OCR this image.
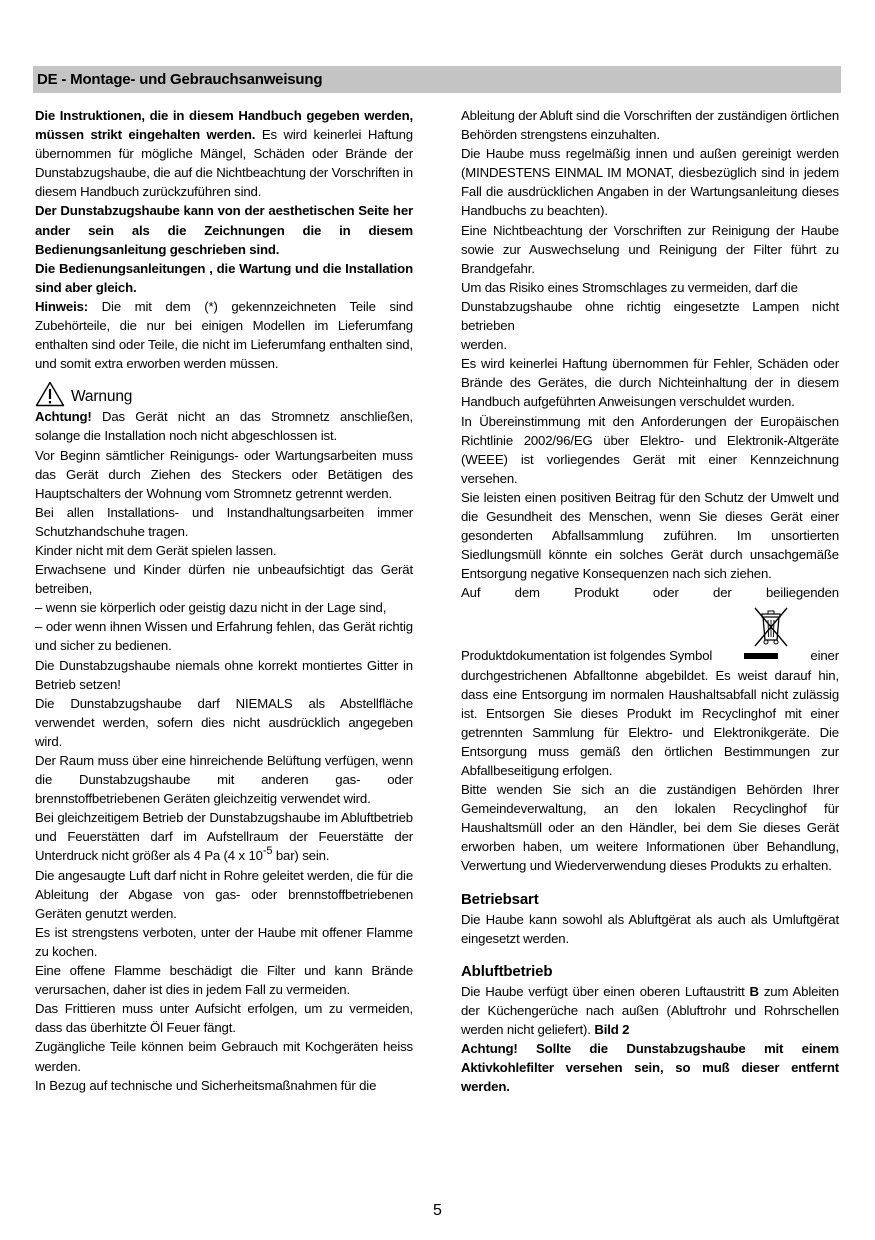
DE - Montage- und Gebrauchsanweisung

Die Instruktionen, die in diesem Handbuch gegeben werden, müssen strikt eingehalten werden. Es wird keinerlei Haftung übernommen für mögliche Mängel, Schäden oder Brände der Dunstabzugshaube, die auf die Nichtbeachtung der Vorschriften in diesem Handbuch zurückzuführen sind.

Der Dunstabzugshaube kann von der aesthetischen Seite her ander sein als die Zeichnungen die in diesem Bedienungsanleitung geschrieben sind.

Die Bedienungsanleitungen , die Wartung und die Installation sind aber gleich.

Hinweis: Die mit dem (*) gekennzeichneten Teile sind Zubehörteile, die nur bei einigen Modellen im Lieferumfang enthalten sind oder Teile, die nicht im Lieferumfang enthalten sind, und somit extra erworben werden müssen.

Warnung

Achtung! Das Gerät nicht an das Stromnetz anschließen, solange die Installation noch nicht abgeschlossen ist.

Vor Beginn sämtlicher Reinigungs- oder Wartungsarbeiten muss das Gerät durch Ziehen des Steckers oder Betätigen des Hauptschalters der Wohnung vom Stromnetz getrennt werden.

Bei allen Installations- und Instandhaltungsarbeiten immer Schutzhandschuhe tragen.

Kinder nicht mit dem Gerät spielen lassen.

Erwachsene und Kinder dürfen nie unbeaufsichtigt das Gerät betreiben,

– wenn sie körperlich oder geistig dazu nicht in der Lage sind,

– oder wenn ihnen Wissen und Erfahrung fehlen, das Gerät richtig und sicher zu bedienen.

Die Dunstabzugshaube niemals ohne korrekt montiertes Gitter in Betrieb setzen!

Die Dunstabzugshaube darf NIEMALS als Abstellfläche verwendet werden, sofern dies nicht ausdrücklich angegeben wird.

Der Raum muss über eine hinreichende Belüftung verfügen, wenn die Dunstabzugshaube mit anderen gas- oder brennstoffbetriebenen Geräten gleichzeitig verwendet wird.

Bei gleichzeitigem Betrieb der Dunstabzugshaube im Abluftbetrieb und Feuerstätten darf im Aufstellraum der Feuerstätte der Unterdruck nicht größer als 4 Pa (4 x $10^{-5}$ bar) sein.

Die angesaugte Luft darf nicht in Rohre geleitet werden, die für die Ableitung der Abgase von gas- oder brennstoffbetriebenen Geräten genutzt werden.

Es ist strengstens verboten, unter der Haube mit offener Flamme zu kochen.

Eine offene Flamme beschädigt die Filter und kann Brände verursachen, daher ist dies in jedem Fall zu vermeiden.

Das Frittieren muss unter Aufsicht erfolgen, um zu vermeiden, dass das überhitzte Öl Feuer fängt.

Zugängliche Teile können beim Gebrauch mit Kochgeräten heiss werden.

In Bezug auf technische und Sicherheitsmaßnahmen für die

Ableitung der Abluft sind die Vorschriften der zuständigen örtlichen Behörden strengstens einzuhalten.

Die Haube muss regelmäßig innen und außen gereinigt werden (MINDESTENS EINMAL IM MONAT, diesbezüglich sind in jedem Fall die ausdrücklichen Angaben in der Wartungsanleitung dieses Handbuchs zu beachten).

Eine Nichtbeachtung der Vorschriften zur Reinigung der Haube sowie zur Auswechselung und Reinigung der Filter führt zu Brandgefahr.

Um das Risiko eines Stromschlages zu vermeiden, darf die

Dunstabzugshaube ohne richtig eingesetzte Lampen nicht betrieben

werden.

Es wird keinerlei Haftung übernommen für Fehler, Schäden oder Brände des Gerätes, die durch Nichteinhaltung der in diesem Handbuch aufgeführten Anweisungen verschuldet wurden.

In Übereinstimmung mit den Anforderungen der Europäischen Richtlinie 2002/96/EG über Elektro- und Elektronik-Altgeräte (WEEE) ist vorliegendes Gerät mit einer Kennzeichnung versehen.

Sie leisten einen positiven Beitrag für den Schutz der Umwelt und die Gesundheit des Menschen, wenn Sie dieses Gerät einer gesonderten Abfallsammlung zuführen. Im unsortierten Siedlungsmüll könnte ein solches Gerät durch unsachgemäße Entsorgung negative Konsequenzen nach sich ziehen.

Auf	dem	Produkt	oder	der	beiliegenden
Produktdokumentation ist folgendes Symbol	einer

durchgestrichenen Abfalltonne abgebildet. Es weist darauf hin, dass eine Entsorgung im normalen Haushaltsabfall nicht zulässig ist. Entsorgen Sie dieses Produkt im Recyclinghof mit einer getrennten Sammlung für Elektro- und Elektronikgeräte. Die Entsorgung muss gemäß den örtlichen Bestimmungen zur Abfallbeseitigung erfolgen.

Bitte wenden Sie sich an die zuständigen Behörden Ihrer Gemeindeverwaltung, an den lokalen Recyclinghof für Haushaltsmüll oder an den Händler, bei dem Sie dieses Gerät erworben haben, um weitere Informationen über Behandlung, Verwertung und Wiederverwendung dieses Produkts zu erhalten.

Betriebsart

Die Haube kann sowohl als Abluftgërat als auch als Umluftgërat eingesetzt werden.

Abluftbetrieb

Die Haube verfügt über einen oberen Luftaustritt B zum Ableiten der Küchengerüche nach außen (Abluftrohr und Rohrschellen werden nicht geliefert). Bild 2

Achtung! Sollte die Dunstabzugshaube mit einem Aktivkohlefilter versehen sein, so muß dieser entfernt werden.

5
